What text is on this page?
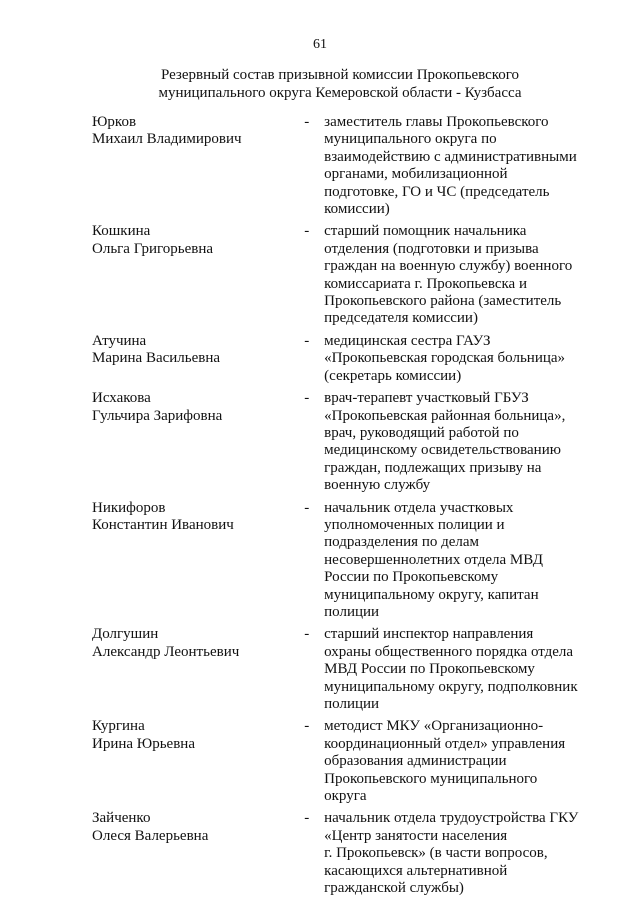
61
Резервный состав призывной комиссии Прокопьевского
муниципального округа Кемеровской области - Кузбасса
Юрков
Михаил Владимирович
- заместитель главы Прокопьевского
муниципального округа по
взаимодействию с административными
органами, мобилизационной
подготовке, ГО и ЧС (председатель
комиссии)
Кошкина
Ольга Григорьевна
- старший помощник начальника
отделения (подготовки и призыва
граждан на военную службу) военного
комиссариата г. Прокопьевска и
Прокопьевского района (заместитель
председателя комиссии)
Атучина
Марина Васильевна
- медицинская сестра ГАУЗ
«Прокопьевская городская больница»
(секретарь комиссии)
Исхакова
Гульчира Зарифовна
- врач-терапевт участковый ГБУЗ
«Прокопьевская районная больница»,
врач, руководящий работой по
медицинскому освидетельствованию
граждан, подлежащих призыву на
военную службу
Никифоров
Константин Иванович
- начальник отдела участковых
уполномоченных полиции и
подразделения по делам
несовершеннолетних отдела МВД
России по Прокопьевскому
муниципальному округу, капитан
полиции
Долгушин
Александр Леонтьевич
- старший инспектор направления
охраны общественного порядка отдела
МВД России по Прокопьевскому
муниципальному округу, подполковник
полиции
Кургина
Ирина Юрьевна
- методист МКУ «Организационно-
координационный отдел» управления
образования администрации
Прокопьевского муниципального
округа
Зайченко
Олеся Валерьевна
- начальник отдела трудоустройства ГКУ
«Центр занятости населения
г. Прокопьевск» (в части вопросов,
касающихся альтернативной
гражданской службы)
